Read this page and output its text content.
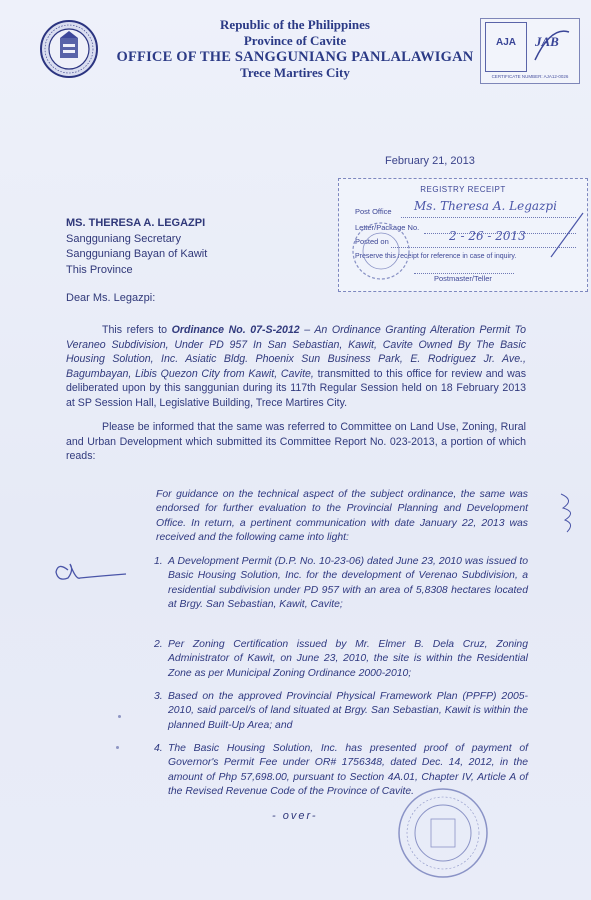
Republic of the Philippines
Province of Cavite
OFFICE OF THE SANGGUNIANG PANLALAWIGAN
Trece Martires City
AJA	JAB
CERTIFICATE NUMBER: AJA12-0026
February 21, 2013
REGISTRY RECEIPT
Post Office Ms. Theresa A. Legazpi
Letter/Package No.
Posted on	2 - 26 - 2013
Preserve this receipt for reference in case of inquiry.
Postmaster/Teller
MS. THERESA A. LEGAZPI
Sangguniang Secretary
Sangguniang Bayan of Kawit
This Province
Dear Ms. Legazpi:
This refers to Ordinance No. 07-S-2012 – An Ordinance Granting Alteration Permit To Veraneo Subdivision, Under PD 957 In San Sebastian, Kawit, Cavite Owned By The Basic Housing Solution, Inc. Asiatic Bldg. Phoenix Sun Business Park, E. Rodriguez Jr. Ave., Bagumbayan, Libis Quezon City from Kawit, Cavite, transmitted to this office for review and was deliberated upon by this sanggunian during its 117th Regular Session held on 18 February 2013 at SP Session Hall, Legislative Building, Trece Martires City.
Please be informed that the same was referred to Committee on Land Use, Zoning, Rural and Urban Development which submitted its Committee Report No. 023-2013, a portion of which reads:
For guidance on the technical aspect of the subject ordinance, the same was endorsed for further evaluation to the Provincial Planning and Development Office. In return, a pertinent communication with date January 22, 2013 was received and the following came into light:
1. A Development Permit (D.P. No. 10-23-06) dated June 23, 2010 was issued to Basic Housing Solution, Inc. for the development of Verenao Subdivision, a residential subdivision under PD 957 with an area of 5,8308 hectares located at Brgy. San Sebastian, Kawit, Cavite;
2. Per Zoning Certification issued by Mr. Elmer B. Dela Cruz, Zoning Administrator of Kawit, on June 23, 2010, the site is within the Residential Zone as per Municipal Zoning Ordinance 2000-2010;
3. Based on the approved Provincial Physical Framework Plan (PPFP) 2005-2010, said parcel/s of land situated at Brgy. San Sebastian, Kawit is within the planned Built-Up Area; and
4. The Basic Housing Solution, Inc. has presented proof of payment of Governor's Permit Fee under OR# 1756348, dated Dec. 14, 2012, in the amount of Php 57,698.00, pursuant to Section 4A.01, Chapter IV, Article A of the Revised Revenue Code of the Province of Cavite.
- over-
